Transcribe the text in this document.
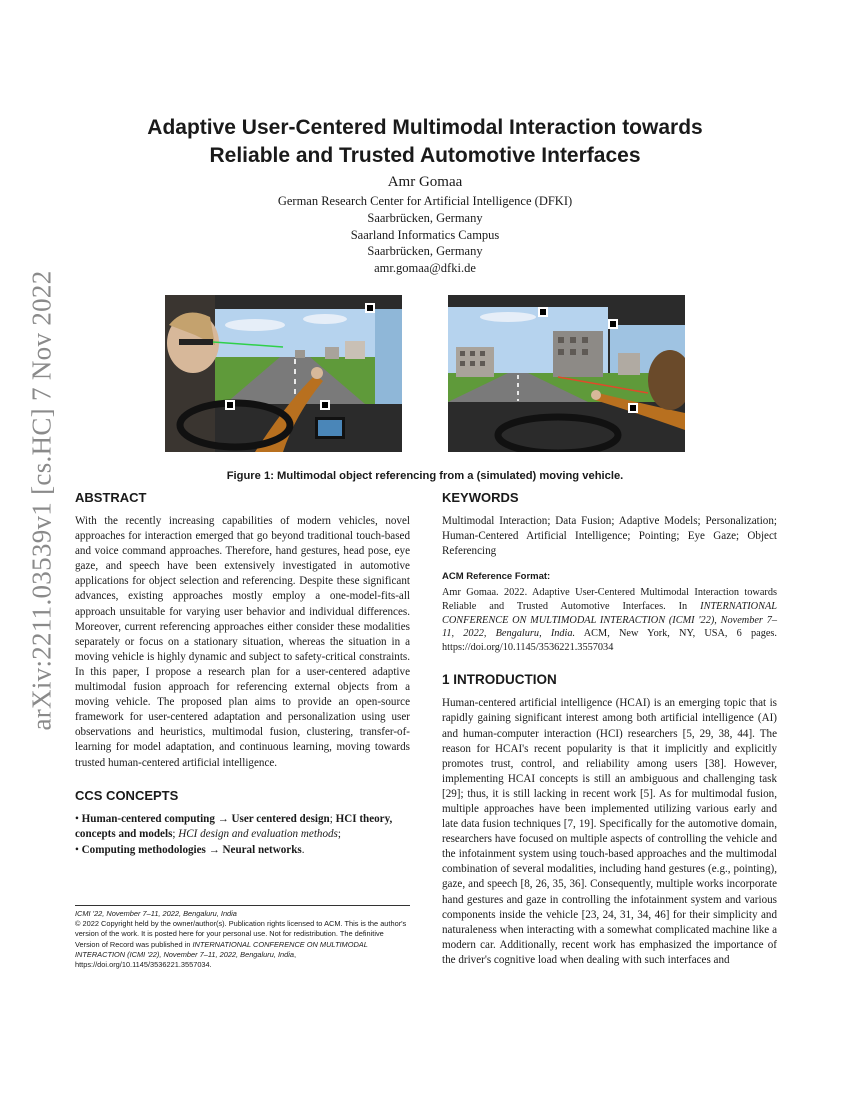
arXiv:2211.03539v1 [cs.HC] 7 Nov 2022
Adaptive User-Centered Multimodal Interaction towards
Reliable and Trusted Automotive Interfaces
Amr Gomaa
German Research Center for Artificial Intelligence (DFKI)
Saarbrücken, Germany
Saarland Informatics Campus
Saarbrücken, Germany
amr.gomaa@dfki.de
Figure 1: Multimodal object referencing from a (simulated) moving vehicle.
ABSTRACT

With the recently increasing capabilities of modern vehicles, novel approaches for interaction emerged that go beyond traditional touch-based and voice command approaches. Therefore, hand gestures, head pose, eye gaze, and speech have been extensively investigated in automotive applications for object selection and referencing. Despite these significant advances, existing approaches mostly employ a one-model-fits-all approach unsuitable for varying user behavior and individual differences. Moreover, current referencing approaches either consider these modalities separately or focus on a stationary situation, whereas the situation in a moving vehicle is highly dynamic and subject to safety-critical constraints. In this paper, I propose a research plan for a user-centered adaptive multimodal fusion approach for referencing external objects from a moving vehicle. The proposed plan aims to provide an open-source framework for user-centered adaptation and personalization using user observations and heuristics, multimodal fusion, clustering, transfer-of-learning for model adaptation, and continuous learning, moving towards trusted human-centered artificial intelligence.

CCS CONCEPTS

• Human-centered computing → User centered design; HCI theory, concepts and models; HCI design and evaluation methods;
• Computing methodologies → Neural networks.

ICMI '22, November 7–11, 2022, Bengaluru, India

© 2022 Copyright held by the owner/author(s). Publication rights licensed to ACM. This is the author's version of the work. It is posted here for your personal use. Not for redistribution. The definitive Version of Record was published in INTERNATIONAL CONFERENCE ON MULTIMODAL INTERACTION (ICMI '22), November 7–11, 2022, Bengaluru, India, https://doi.org/10.1145/3536221.3557034.

KEYWORDS

Multimodal Interaction; Data Fusion; Adaptive Models; Personalization; Human-Centered Artificial Intelligence; Pointing; Eye Gaze; Object Referencing

ACM Reference Format:

Amr Gomaa. 2022. Adaptive User-Centered Multimodal Interaction towards Reliable and Trusted Automotive Interfaces. In INTERNATIONAL CONFERENCE ON MULTIMODAL INTERACTION (ICMI '22), November 7–11, 2022, Bengaluru, India. ACM, New York, NY, USA, 6 pages. https://doi.org/10.1145/3536221.3557034

1 INTRODUCTION

Human-centered artificial intelligence (HCAI) is an emerging topic that is rapidly gaining significant interest among both artificial intelligence (AI) and human-computer interaction (HCI) researchers [5, 29, 38, 44]. The reason for HCAI's recent popularity is that it implicitly and explicitly promotes trust, control, and reliability among users [38]. However, implementing HCAI concepts is still an ambiguous and challenging task [29]; thus, it is still lacking in recent work [5]. As for multimodal fusion, multiple approaches have been implemented utilizing various early and late data fusion techniques [7, 19]. Specifically for the automotive domain, researchers have focused on multiple aspects of controlling the vehicle and the infotainment system using touch-based approaches and the multimodal combination of several modalities, including hand gestures (e.g., pointing), gaze, and speech [8, 26, 35, 36]. Consequently, multiple works incorporate hand gestures and gaze in controlling the infotainment system and various components inside the vehicle [23, 24, 31, 34, 46] for their simplicity and naturaleness when interacting with a somewhat complicated machine like a modern car. Additionally, recent work has emphasized the importance of the driver's cognitive load when dealing with such interfaces and
